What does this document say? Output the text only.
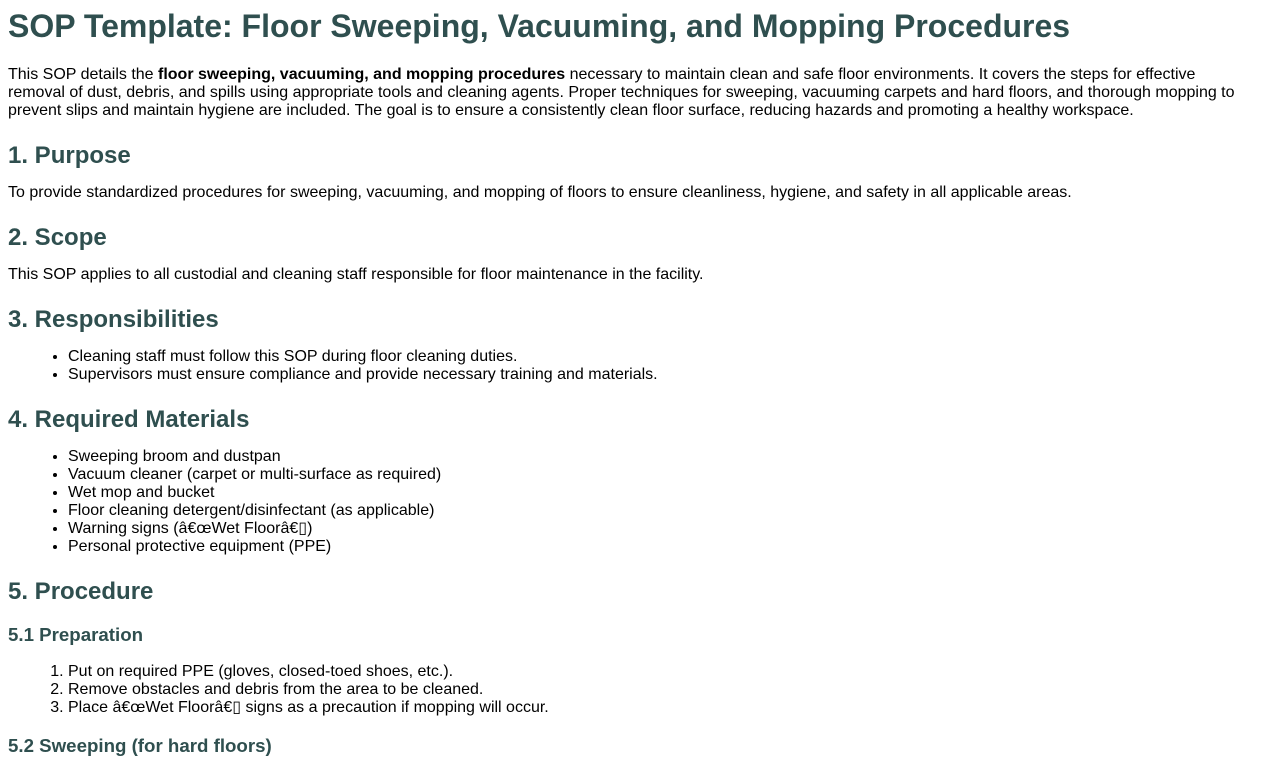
SOP Template: Floor Sweeping, Vacuuming, and Mopping Procedures

This SOP details the floor sweeping, vacuuming, and mopping procedures necessary to maintain clean and safe floor environments. It covers the steps for effective removal of dust, debris, and spills using appropriate tools and cleaning agents. Proper techniques for sweeping, vacuuming carpets and hard floors, and thorough mopping to prevent slips and maintain hygiene are included. The goal is to ensure a consistently clean floor surface, reducing hazards and promoting a healthy workspace.

1. Purpose

To provide standardized procedures for sweeping, vacuuming, and mopping of floors to ensure cleanliness, hygiene, and safety in all applicable areas.

2. Scope

This SOP applies to all custodial and cleaning staff responsible for floor maintenance in the facility.

3. Responsibilities
• Cleaning staff must follow this SOP during floor cleaning duties.
• Supervisors must ensure compliance and provide necessary training and materials.
4. Required Materials
• Sweeping broom and dustpan
• Vacuum cleaner (carpet or multi-surface as required)
• Wet mop and bucket
• Floor cleaning detergent/disinfectant (as applicable)
• Warning signs (â€œWet Floorâ€▯)
• Personal protective equipment (PPE)
5. Procedure
5.1 Preparation
1. Put on required PPE (gloves, closed-toed shoes, etc.).
2. Remove obstacles and debris from the area to be cleaned.
3. Place â€œWet Floorâ€▯ signs as a precaution if mopping will occur.
5.2 Sweeping (for hard floors)
